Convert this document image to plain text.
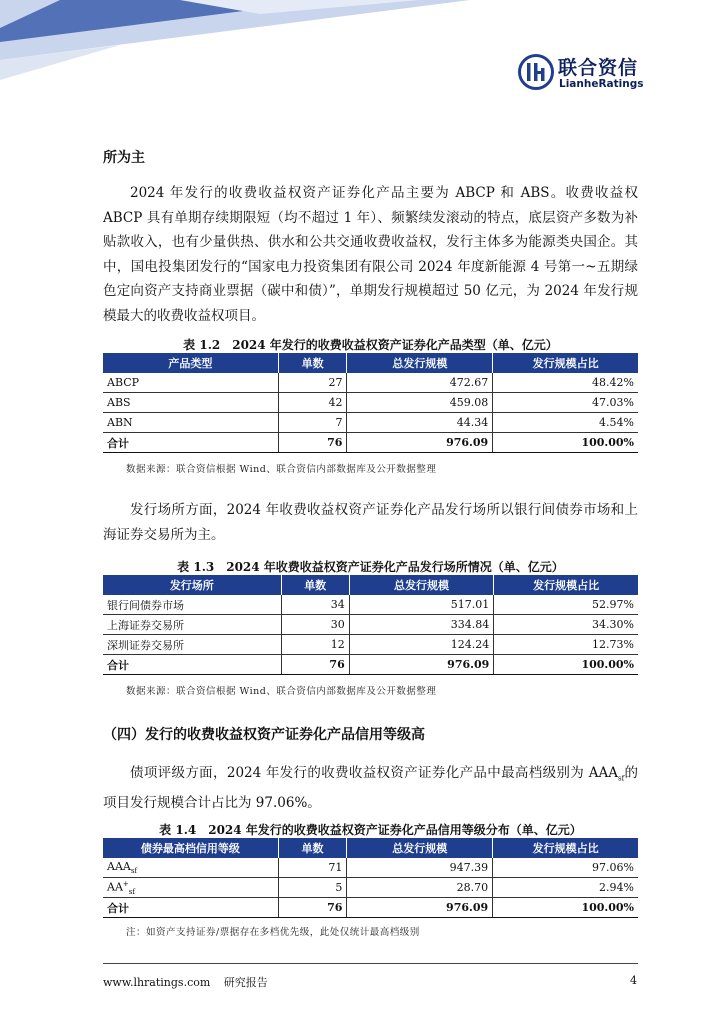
联合资信
LianheRatings
所为主

2024 年发行的收费收益权资产证券化产品主要为 ABCP 和 ABS。收费收益权 ABCP 具有单期存续期限短（均不超过 1 年）、频繁续发滚动的特点，底层资产多数为补贴款收入，也有少量供热、供水和公共交通收费收益权，发行主体多为能源类央国企。其中，国电投集团发行的“国家电力投资集团有限公司 2024 年度新能源 4 号第一~五期绿色定向资产支持商业票据（碳中和债）”，单期发行规模超过 50 亿元，为 2024 年发行规模最大的收费收益权项目。

表 1.2　2024 年发行的收费收益权资产证券化产品类型（单、亿元）
产品类型	单数	总发行规模	发行规模占比
ABCP	27	472.67	48.42%
ABS	42	459.08	47.03%
ABN	7	44.34	4.54%
合计	76	976.09	100.00%
数据来源：联合资信根据 Wind、联合资信内部数据库及公开数据整理

发行场所方面，2024 年收费收益权资产证券化产品发行场所以银行间债券市场和上海证券交易所为主。

表 1.3　2024 年收费收益权资产证券化产品发行场所情况（单、亿元）
发行场所	单数	总发行规模	发行规模占比
银行间债券市场	34	517.01	52.97%
上海证券交易所	30	334.84	34.30%
深圳证券交易所	12	124.24	12.73%
合计	76	976.09	100.00%
数据来源：联合资信根据 Wind、联合资信内部数据库及公开数据整理
（四）发行的收费收益权资产证券化产品信用等级高

债项评级方面，2024 年发行的收费收益权资产证券化产品中最高档级别为 $AAA_{sf}$的项目发行规模合计占比为 97.06%。

表 1.4　2024 年发行的收费收益权资产证券化产品信用等级分布（单、亿元）
债券最高档信用等级	单数	总发行规模	发行规模占比
$AAA_{sf}$	71	947.39	97.06%
$AA^+_{sf}$	5	28.70	2.94%
合计	76	976.09	100.00%
注：如资产支持证券/票据存在多档优先级，此处仅统计最高档级别
www.lhratings.com 研究报告	4
